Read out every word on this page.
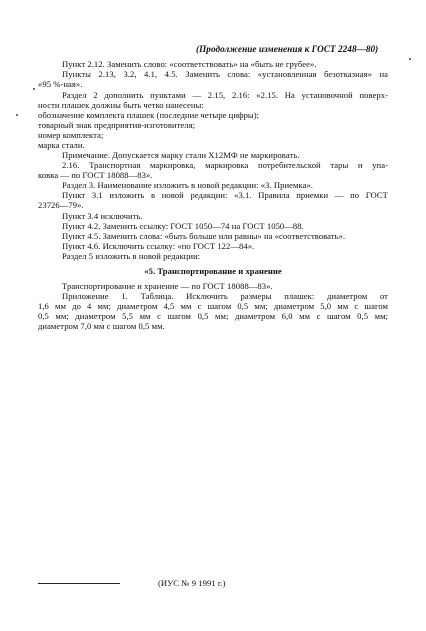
(Продолжение изменения к ГОСТ 2248—80)
Пункт 2.12. Заменить слово: «соответствовать» на «быть не грубее».
Пункты 2.13, 3.2, 4.1, 4.5. Заменить слова: «установленная безотказная» на
«95 %-ная».
Раздел 2 дополнить пунктами — 2.15, 2.16: «2.15. На установочной поверх-
ности плашек должны быть четко нанесены:
обозначение комплекта плашек (последние четыре цифры);
товарный знак предприятия-изготовителя;
номер комплекта;
марка стали.
Примечание. Допускается марку стали Х12МФ не маркировать.
2.16. Транспортная маркировка, маркировка потребительской тары и упа-
ковка — по ГОСТ 18088—83».
Раздел 3. Наименование изложить в новой редакции: «3. Приемка».
Пункт 3.1 изложить в новой редакции: «3.1. Правила приемки — по ГОСТ
23726—79».
Пункт 3.4 исключить.
Пункт 4.2. Заменить ссылку: ГОСТ 1050—74 на ГОСТ 1050—88.
Пункт 4.5. Заменить слова: «быть больше или равны» на «соответствовать».
Пункт 4.6. Исключить ссылку: «по ГОСТ 122—84».
Раздел 5 изложить в новой редакции:
«5. Транспортирование и хранение
Транспортирование и хранение — по ГОСТ 18088—83».
Приложение 1. Таблица. Исключить размеры плашек: диаметром от
1,6 мм до 4 мм; диаметром 4,5 мм с шагом 0,5 мм; диаметром 5,0 мм с шагом
0,5 мм; диаметром 5,5 мм с шагом 0,5 мм; диаметром 6,0 мм с шагом 0,5 мм;
диаметром 7,0 мм с шагом 0,5 мм.
(ИУС № 9 1991 г.)
